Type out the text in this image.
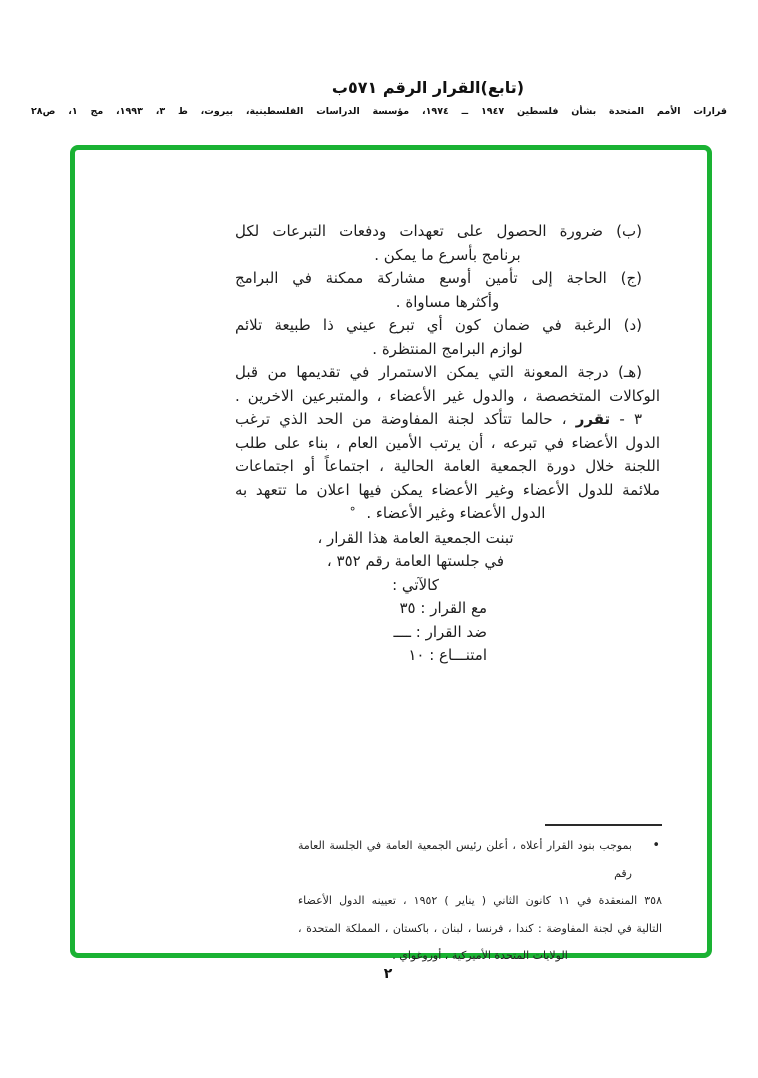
(تابع)القرار الرقم ٥٧١ب
قرارات الأمم المتحدة بشأن فلسطين ١٩٤٧ ــ ١٩٧٤، مؤسسة الدراسات الفلسطينية، بيروت، ط ٣، ١٩٩٣، مج ١، ص٢٨
(ب) ضرورة الحصول على تعهدات ودفعات التبرعات لكل
برنامج بأسرع ما يمكن .
(ج) الحاجة إلى تأمين أوسع مشاركة ممكنة في البرامج
وأكثرها مساواة .
(د) الرغبة في ضمان كون أي تبرع عيني ذا طبيعة تلائم
لوازم البرامج المنتظرة .
(هـ) درجة المعونة التي يمكن الاستمرار في تقديمها من قبل
الوكالات المتخصصة ، والدول غير الأعضاء ، والمتبرعين الاخرين .
٣ - تقرر ، حالما تتأكد لجنة المفاوضة من الحد الذي ترغب
الدول الأعضاء في تبرعه ، أن يرتب الأمين العام ، بناء على طلب
اللجنة خلال دورة الجمعية العامة الحالية ، اجتماعاً أو اجتماعات
ملائمة للدول الأعضاء وغير الأعضاء يمكن فيها اعلان ما تتعهد به
الدول الأعضاء وغير الأعضاء . °
تبنت الجمعية العامة هذا القرار ،
في جلستها العامة رقم ٣٥٢ ،
كالآتي :
مع القرار : ٣٥
ضد القرار : ــــ
امتنـــاع : ١٠
•
بموجب بنود القرار أعلاه ، أعلن رئيس الجمعية العامة في الجلسة العامة رقم
٣٥٨ المنعقدة في ١١ كانون الثاني ( يناير ) ١٩٥٢ ، تعيينه الدول الأعضاء
التالية في لجنة المفاوضة : كندا ، فرنسا ، لبنان ، باكستان ، المملكة المتحدة ،
الولايات المتحدة الأميركية ، أوروغواي .
٢
